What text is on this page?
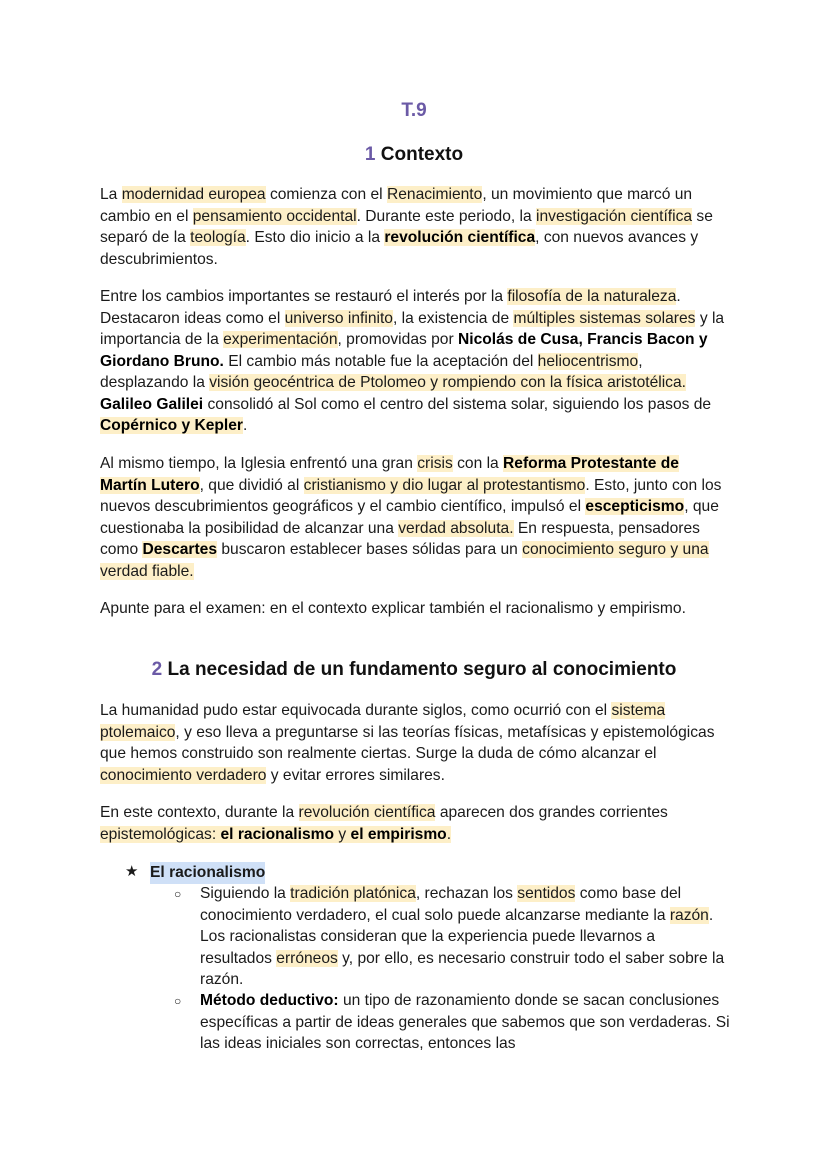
T.9
1 Contexto
La modernidad europea comienza con el Renacimiento, un movimiento que marcó un cambio en el pensamiento occidental. Durante este periodo, la investigación científica se separó de la teología. Esto dio inicio a la revolución científica, con nuevos avances y descubrimientos.
Entre los cambios importantes se restauró el interés por la filosofía de la naturaleza. Destacaron ideas como el universo infinito, la existencia de múltiples sistemas solares y la importancia de la experimentación, promovidas por Nicolás de Cusa, Francis Bacon y Giordano Bruno. El cambio más notable fue la aceptación del heliocentrismo, desplazando la visión geocéntrica de Ptolomeo y rompiendo con la física aristotélica. Galileo Galilei consolidó al Sol como el centro del sistema solar, siguiendo los pasos de Copérnico y Kepler.
Al mismo tiempo, la Iglesia enfrentó una gran crisis con la Reforma Protestante de Martín Lutero, que dividió al cristianismo y dio lugar al protestantismo. Esto, junto con los nuevos descubrimientos geográficos y el cambio científico, impulsó el escepticismo, que cuestionaba la posibilidad de alcanzar una verdad absoluta. En respuesta, pensadores como Descartes buscaron establecer bases sólidas para un conocimiento seguro y una verdad fiable.
Apunte para el examen: en el contexto explicar también el racionalismo y empirismo.
2 La necesidad de un fundamento seguro al conocimiento
La humanidad pudo estar equivocada durante siglos, como ocurrió con el sistema ptolemaico, y eso lleva a preguntarse si las teorías físicas, metafísicas y epistemológicas que hemos construido son realmente ciertas. Surge la duda de cómo alcanzar el conocimiento verdadero y evitar errores similares.
En este contexto, durante la revolución científica aparecen dos grandes corrientes epistemológicas: el racionalismo y el empirismo.
★ El racionalismo
○ Siguiendo la tradición platónica, rechazan los sentidos como base del conocimiento verdadero, el cual solo puede alcanzarse mediante la razón. Los racionalistas consideran que la experiencia puede llevarnos a resultados erróneos y, por ello, es necesario construir todo el saber sobre la razón.
○ Método deductivo: un tipo de razonamiento donde se sacan conclusiones específicas a partir de ideas generales que sabemos que son verdaderas. Si las ideas iniciales son correctas, entonces las
